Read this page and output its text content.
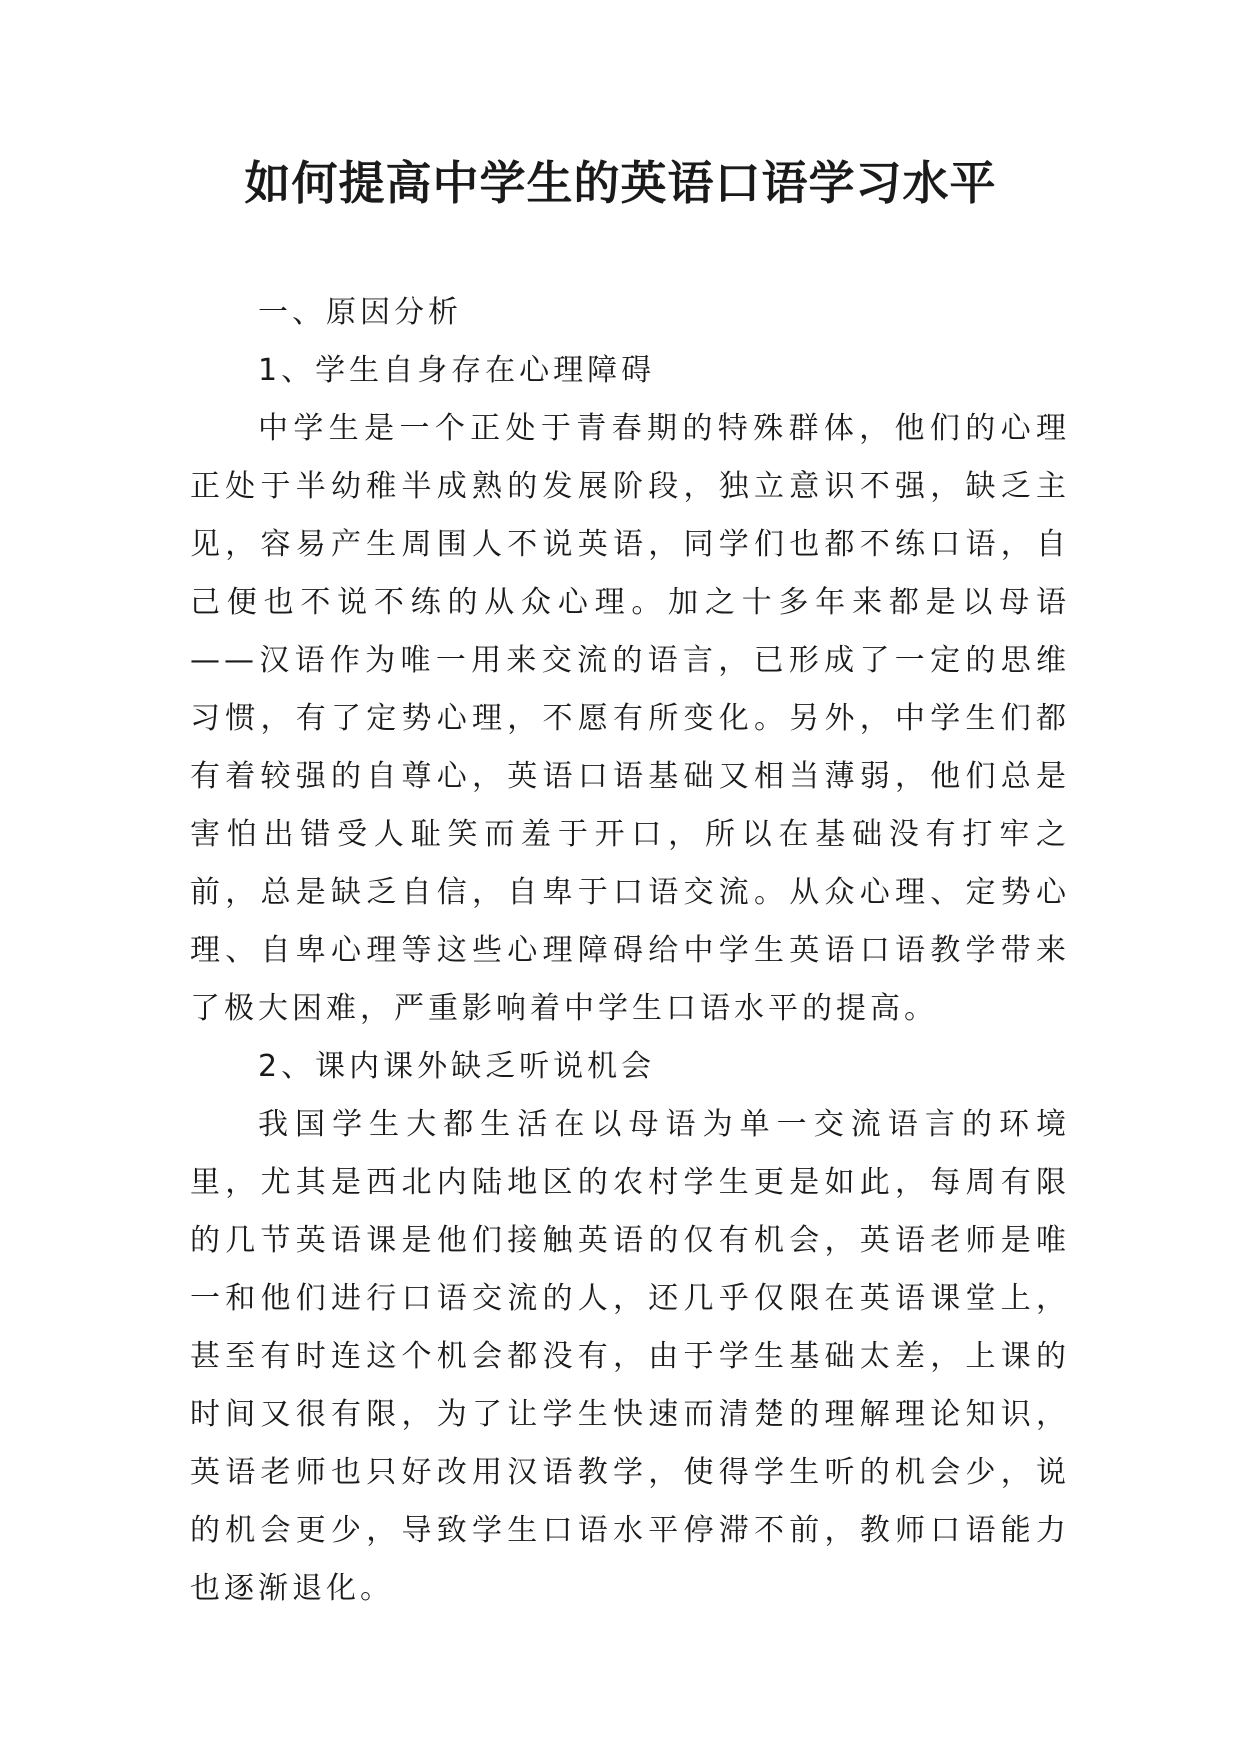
如何提高中学生的英语口语学习水平

一、原因分析

1、学生自身存在心理障碍

中学生是一个正处于青春期的特殊群体，他们的心理正处于半幼稚半成熟的发展阶段，独立意识不强，缺乏主见，容易产生周围人不说英语，同学们也都不练口语，自己便也不说不练的从众心理。加之十多年来都是以母语——汉语作为唯一用来交流的语言，已形成了一定的思维习惯，有了定势心理，不愿有所变化。另外，中学生们都有着较强的自尊心，英语口语基础又相当薄弱，他们总是害怕出错受人耻笑而羞于开口，所以在基础没有打牢之前，总是缺乏自信，自卑于口语交流。从众心理、定势心理、自卑心理等这些心理障碍给中学生英语口语教学带来了极大困难，严重影响着中学生口语水平的提高。

2、课内课外缺乏听说机会

我国学生大都生活在以母语为单一交流语言的环境里，尤其是西北内陆地区的农村学生更是如此，每周有限的几节英语课是他们接触英语的仅有机会，英语老师是唯一和他们进行口语交流的人，还几乎仅限在英语课堂上，甚至有时连这个机会都没有，由于学生基础太差，上课的时间又很有限，为了让学生快速而清楚的理解理论知识，英语老师也只好改用汉语教学，使得学生听的机会少，说的机会更少，导致学生口语水平停滞不前，教师口语能力也逐渐退化。
